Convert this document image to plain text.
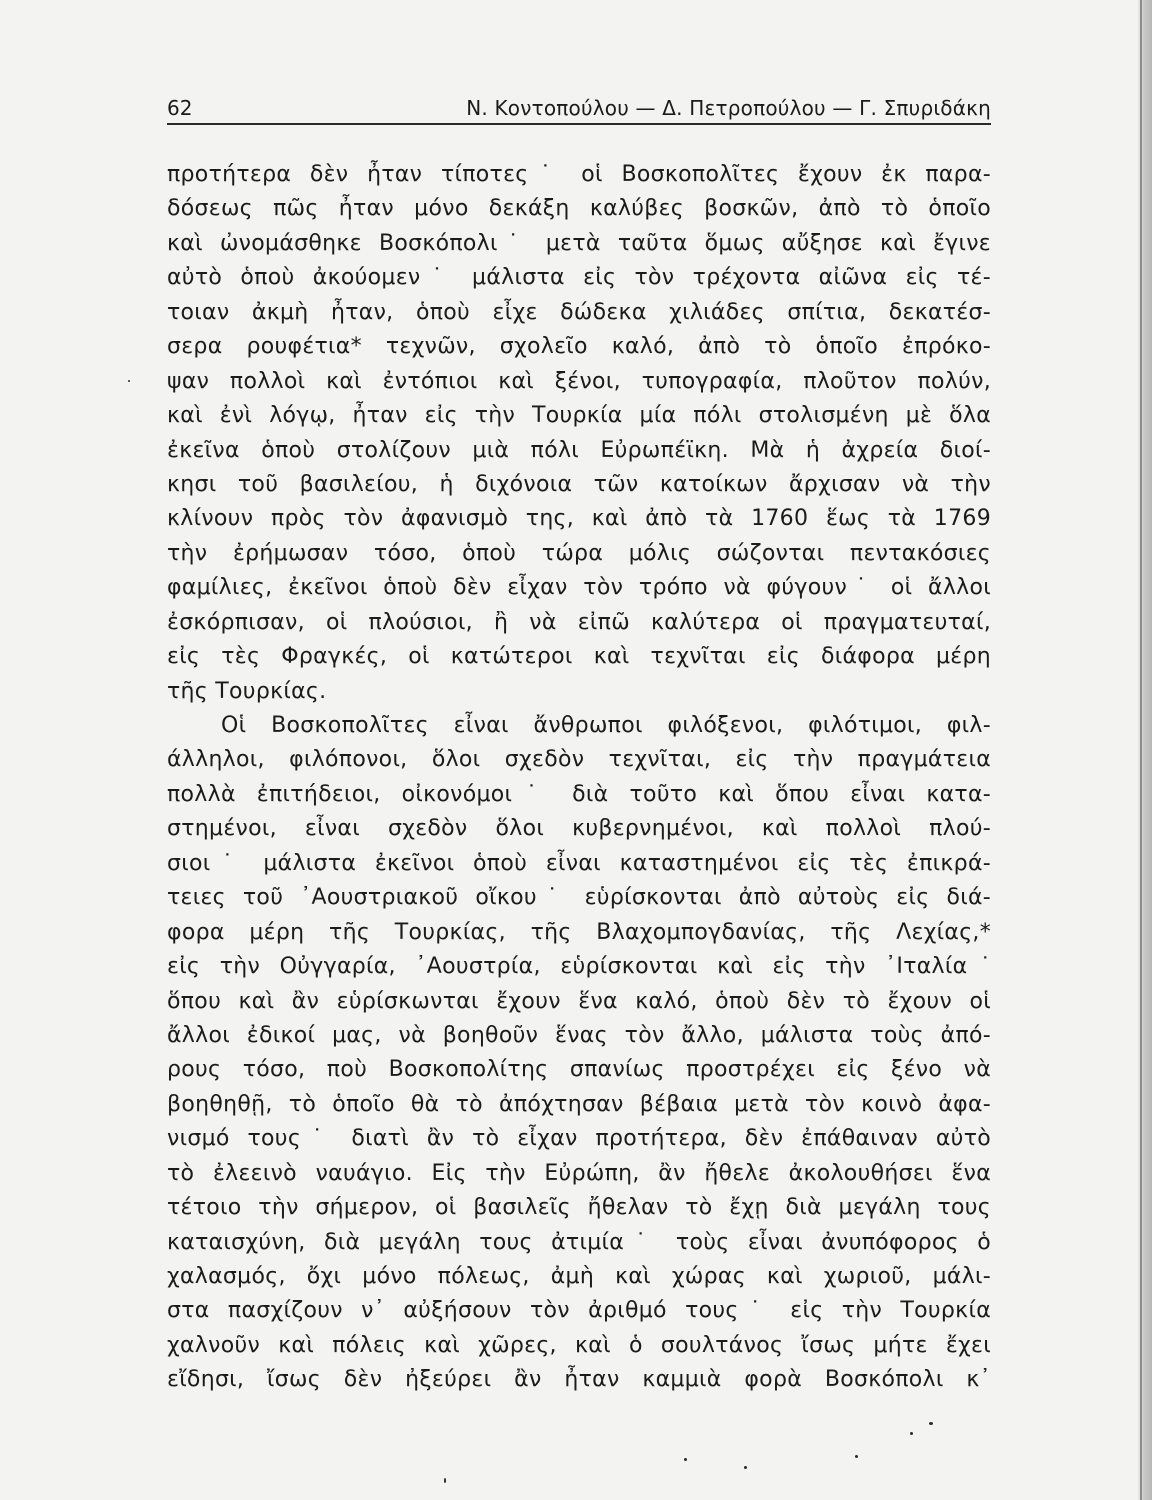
62	Ν. Κοντοπούλου — Δ. Πετροπούλου — Γ. Σπυριδάκη
προτήτερα δὲν ἦταν τίποτες˙ οἱ Βοσκοπολῖτες ἔχουν ἐκ παρα-
δόσεως πῶς ἦταν μόνο δεκάξη καλύβες βοσκῶν, ἀπὸ τὸ ὁποῖο
καὶ ὠνομάσθηκε Βοσκόπολι˙ μετὰ ταῦτα ὅμως αὔξησε καὶ ἔγινε
αὐτὸ ὁποὺ ἀκούομεν˙ μάλιστα εἰς τὸν τρέχοντα αἰῶνα εἰς τέ-
τοιαν ἀκμὴ ἦταν, ὁποὺ εἶχε δώδεκα χιλιάδες σπίτια, δεκατέσ-
σερα ρουφέτια* τεχνῶν, σχολεῖο καλό, ἀπὸ τὸ ὁποῖο ἐπρόκο-
ψαν πολλοὶ καὶ ἐντόπιοι καὶ ξένοι, τυπογραφία, πλοῦτον πολύν,
καὶ ἐνὶ λόγῳ, ἦταν εἰς τὴν Τουρκία μία πόλι στολισμένη μὲ ὅλα
ἐκεῖνα ὁποὺ στολίζουν μιὰ πόλι Εὐρωπέϊκη. Μὰ ἡ ἀχρεία διοί-
κησι τοῦ βασιλείου, ἡ διχόνοια τῶν κατοίκων ἄρχισαν νὰ τὴν
κλίνουν πρὸς τὸν ἀφανισμὸ της, καὶ ἀπὸ τὰ 1760 ἕως τὰ 1769
τὴν ἐρήμωσαν τόσο, ὁποὺ τώρα μόλις σώζονται πεντακόσιες
φαμίλιες, ἐκεῖνοι ὁποὺ δὲν εἶχαν τὸν τρόπο νὰ φύγουν˙ οἱ ἄλλοι
ἐσκόρπισαν, οἱ πλούσιοι, ἢ νὰ εἰπῶ καλύτερα οἱ πραγματευταί,
εἰς τὲς Φραγκές, οἱ κατώτεροι καὶ τεχνῖται εἰς διάφορα μέρη
τῆς Τουρκίας.
Οἱ Βοσκοπολῖτες εἶναι ἄνθρωποι φιλόξενοι, φιλότιμοι, φιλ-
άλληλοι, φιλόπονοι, ὅλοι σχεδὸν τεχνῖται, εἰς τὴν πραγμάτεια
πολλὰ ἐπιτήδειοι, οἰκονόμοι˙ διὰ τοῦτο καὶ ὅπου εἶναι κατα-
στημένοι, εἶναι σχεδὸν ὅλοι κυβερνημένοι, καὶ πολλοὶ πλού-
σιοι˙ μάλιστα ἐκεῖνοι ὁποὺ εἶναι καταστημένοι εἰς τὲς ἐπικρά-
τειες τοῦ ᾿Αουστριακοῦ οἴκου˙ εὑρίσκονται ἀπὸ αὐτοὺς εἰς διά-
φορα μέρη τῆς Τουρκίας, τῆς Βλαχομπογδανίας, τῆς Λεχίας,*
εἰς τὴν Οὐγγαρία, ᾿Αουστρία, εὑρίσκονται καὶ εἰς τὴν ᾿Ιταλία˙
ὅπου καὶ ἂν εὑρίσκωνται ἔχουν ἕνα καλό, ὁποὺ δὲν τὸ ἔχουν οἱ
ἄλλοι ἐδικοί μας, νὰ βοηθοῦν ἕνας τὸν ἄλλο, μάλιστα τοὺς ἀπό-
ρους τόσο, ποὺ Βοσκοπολίτης σπανίως προστρέχει εἰς ξένο νὰ
βοηθηθῇ, τὸ ὁποῖο θὰ τὸ ἀπόχτησαν βέβαια μετὰ τὸν κοινὸ ἀφα-
νισμό τους˙ διατὶ ἂν τὸ εἶχαν προτήτερα, δὲν ἐπάθαιναν αὐτὸ
τὸ ἐλεεινὸ ναυάγιο. Εἰς τὴν Εὐρώπη, ἂν ἤθελε ἀκολουθήσει ἕνα
τέτοιο τὴν σήμερον, οἱ βασιλεῖς ἤθελαν τὸ ἔχῃ διὰ μεγάλη τους
καταισχύνη, διὰ μεγάλη τους ἀτιμία˙ τοὺς εἶναι ἀνυπόφορος ὁ
χαλασμός, ὄχι μόνο πόλεως, ἀμὴ καὶ χώρας καὶ χωριοῦ, μάλι-
στα πασχίζουν ν᾿ αὐξήσουν τὸν ἀριθμό τους˙ εἰς τὴν Τουρκία
χαλνοῦν καὶ πόλεις καὶ χῶρες, καὶ ὁ σουλτάνος ἴσως μήτε ἔχει
εἴδησι, ἴσως δὲν ἠξεύρει ἂν ἦταν καμμιὰ φορὰ Βοσκόπολι κ᾿
